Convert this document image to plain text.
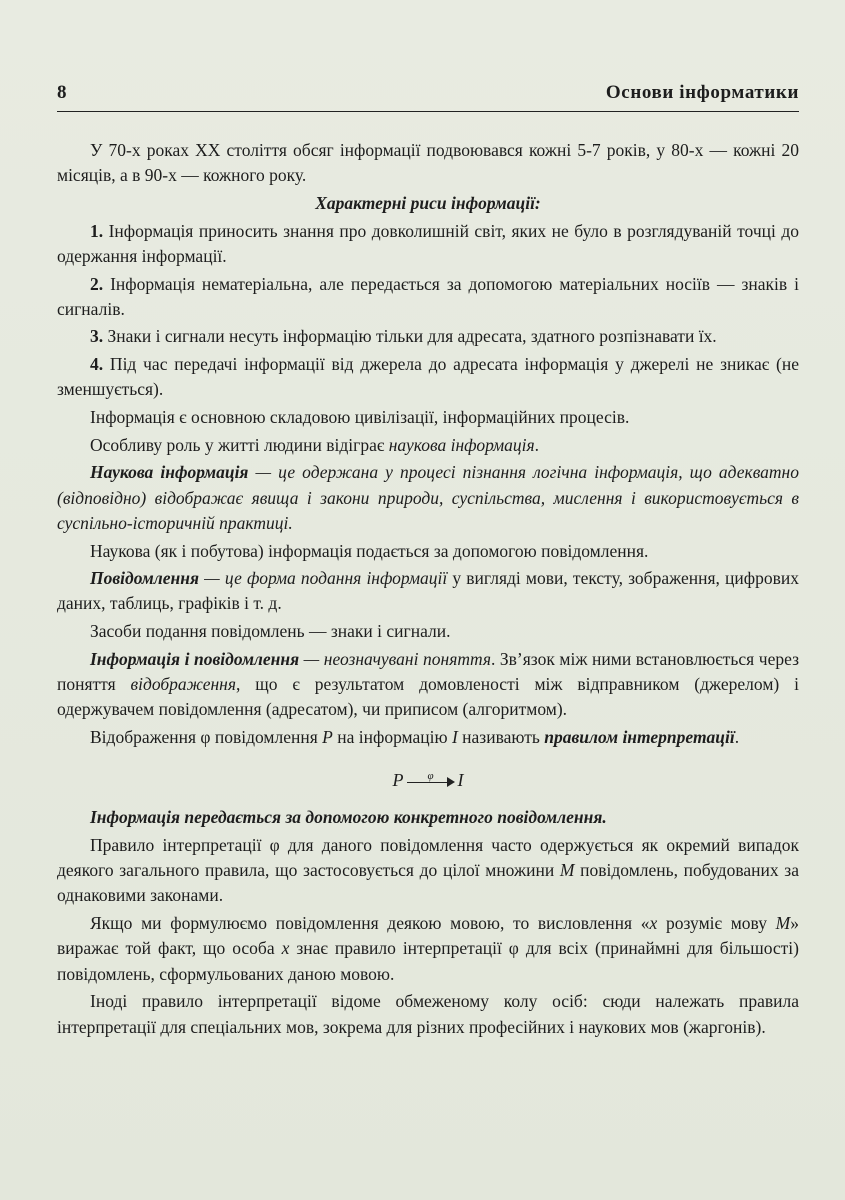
8	Основи інформатики

У 70-х роках XX століття обсяг інформації подвоювався кожні 5-7 років, у 80-х — кожні 20 місяців, а в 90-х — кожного року.

Характерні риси інформації:

1. Інформація приносить знання про довколишній світ, яких не було в розглядуваній точці до одержання інформації.

2. Інформація нематеріальна, але передається за допомогою матеріальних носіїв — знаків і сигналів.

3. Знаки і сигнали несуть інформацію тільки для адресата, здатного розпізнавати їх.

4. Під час передачі інформації від джерела до адресата інформація у джерелі не зникає (не зменшується).

Інформація є основною складовою цивілізації, інформаційних процесів.

Особливу роль у житті людини відіграє наукова інформація.

Наукова інформація — це одержана у процесі пізнання логічна інформація, що адекватно (відповідно) відображає явища і закони природи, суспільства, мислення і використовується в суспільно-історичній практиці.

Наукова (як і побутова) інформація подається за допомогою повідомлення.

Повідомлення — це форма подання інформації у вигляді мови, тексту, зображення, цифрових даних, таблиць, графіків і т. д.

Засоби подання повідомлень — знаки і сигнали.

Інформація і повідомлення — неозначувані поняття. Зв’язок між ними встановлюється через поняття відображення, що є результатом домовленості між відправником (джерелом) і одержувачем повідомлення (адресатом), чи приписом (алгоритмом).

Відображення φ повідомлення P на інформацію I називають правилом інтерпретації.

P	φ	I

Інформація передається за допомогою конкретного повідомлення.

Правило інтерпретації φ для даного повідомлення часто одержується як окремий випадок деякого загального правила, що застосовується до цілої множини M повідомлень, побудованих за однаковими законами.

Якщо ми формулюємо повідомлення деякою мовою, то висловлення «x розуміє мову M» виражає той факт, що особа x знає правило інтерпретації φ для всіх (принаймні для більшості) повідомлень, сформульованих даною мовою.

Іноді правило інтерпретації відоме обмеженому колу осіб: сюди належать правила інтерпретації для спеціальних мов, зокрема для різних професійних і наукових мов (жаргонів).
